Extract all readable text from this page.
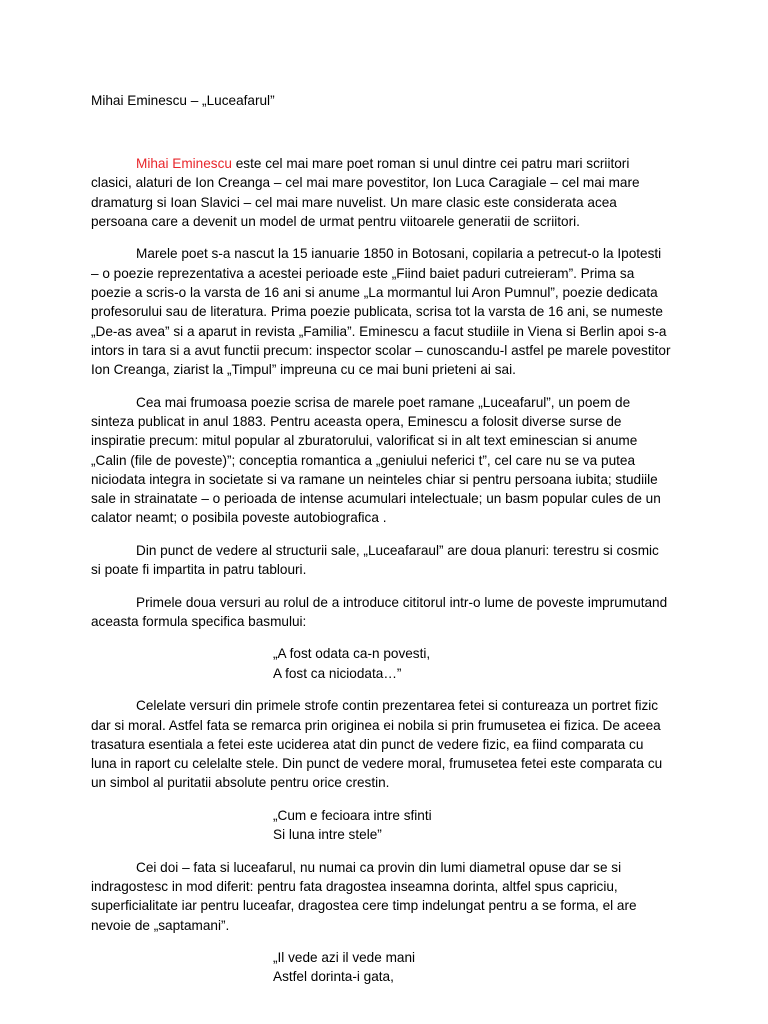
Mihai Eminescu – „Luceafarul”

Mihai Eminescu este cel mai mare poet roman si unul dintre cei patru mari scriitori clasici, alaturi de Ion Creanga – cel mai mare povestitor, Ion Luca Caragiale – cel mai mare dramaturg si Ioan Slavici – cel mai mare nuvelist. Un mare clasic este considerata acea persoana care a devenit un model de urmat pentru viitoarele generatii de scriitori.

Marele poet s-a nascut la 15 ianuarie 1850 in Botosani, copilaria a petrecut-o la Ipotesti – o poezie reprezentativa a acestei perioade este „Fiind baiet paduri cutreieram”. Prima sa poezie a scris-o la varsta de 16 ani si anume „La mormantul lui Aron Pumnul”, poezie dedicata profesorului sau de literatura. Prima poezie publicata, scrisa tot la varsta de 16 ani, se numeste „De-as avea” si a aparut in revista „Familia”. Eminescu a facut studiile in Viena si Berlin apoi s-a intors in tara si a avut functii precum: inspector scolar – cunoscandu-l astfel pe marele povestitor Ion Creanga, ziarist la „Timpul” impreuna cu ce mai buni prieteni ai sai.

Cea mai frumoasa poezie scrisa de marele poet ramane „Luceafarul”, un poem de sinteza publicat in anul 1883. Pentru aceasta opera, Eminescu a folosit diverse surse de inspiratie precum: mitul popular al zburatorului, valorificat si in alt text eminescian si anume „Calin (file de poveste)”; conceptia romantica a „geniului neferici t”, cel care nu se va putea niciodata integra in societate si va ramane un neinteles chiar si pentru persoana iubita; studiile sale in strainatate – o perioada de intense acumulari intelectuale; un basm popular cules de un calator neamt; o posibila poveste autobiografica .

Din punct de vedere al structurii sale, „Luceafaraul” are doua planuri: terestru si cosmic si poate fi impartita in patru tablouri.

Primele doua versuri au rolul de a introduce cititorul intr-o lume de poveste imprumutand aceasta formula specifica basmului:

„A fost odata ca-n povesti,
A fost ca niciodata…”

Celelate versuri din primele strofe contin prezentarea fetei si contureaza un portret fizic dar si moral. Astfel fata se remarca prin originea ei nobila si prin frumusetea ei fizica. De aceea trasatura esentiala a fetei este uciderea atat din punct de vedere fizic, ea fiind comparata cu luna in raport cu celelalte stele. Din punct de vedere moral, frumusetea fetei este comparata cu un simbol al puritatii absolute pentru orice crestin.

„Cum e fecioara intre sfinti
Si luna intre stele”

Cei doi – fata si luceafarul, nu numai ca provin din lumi diametral opuse dar se si indragostesc in mod diferit: pentru fata dragostea inseamna dorinta, altfel spus capriciu, superficialitate iar pentru luceafar, dragostea cere timp indelungat pentru a se forma, el are nevoie de „saptamani”.

„Il vede azi il vede mani
Astfel dorinta-i gata,
